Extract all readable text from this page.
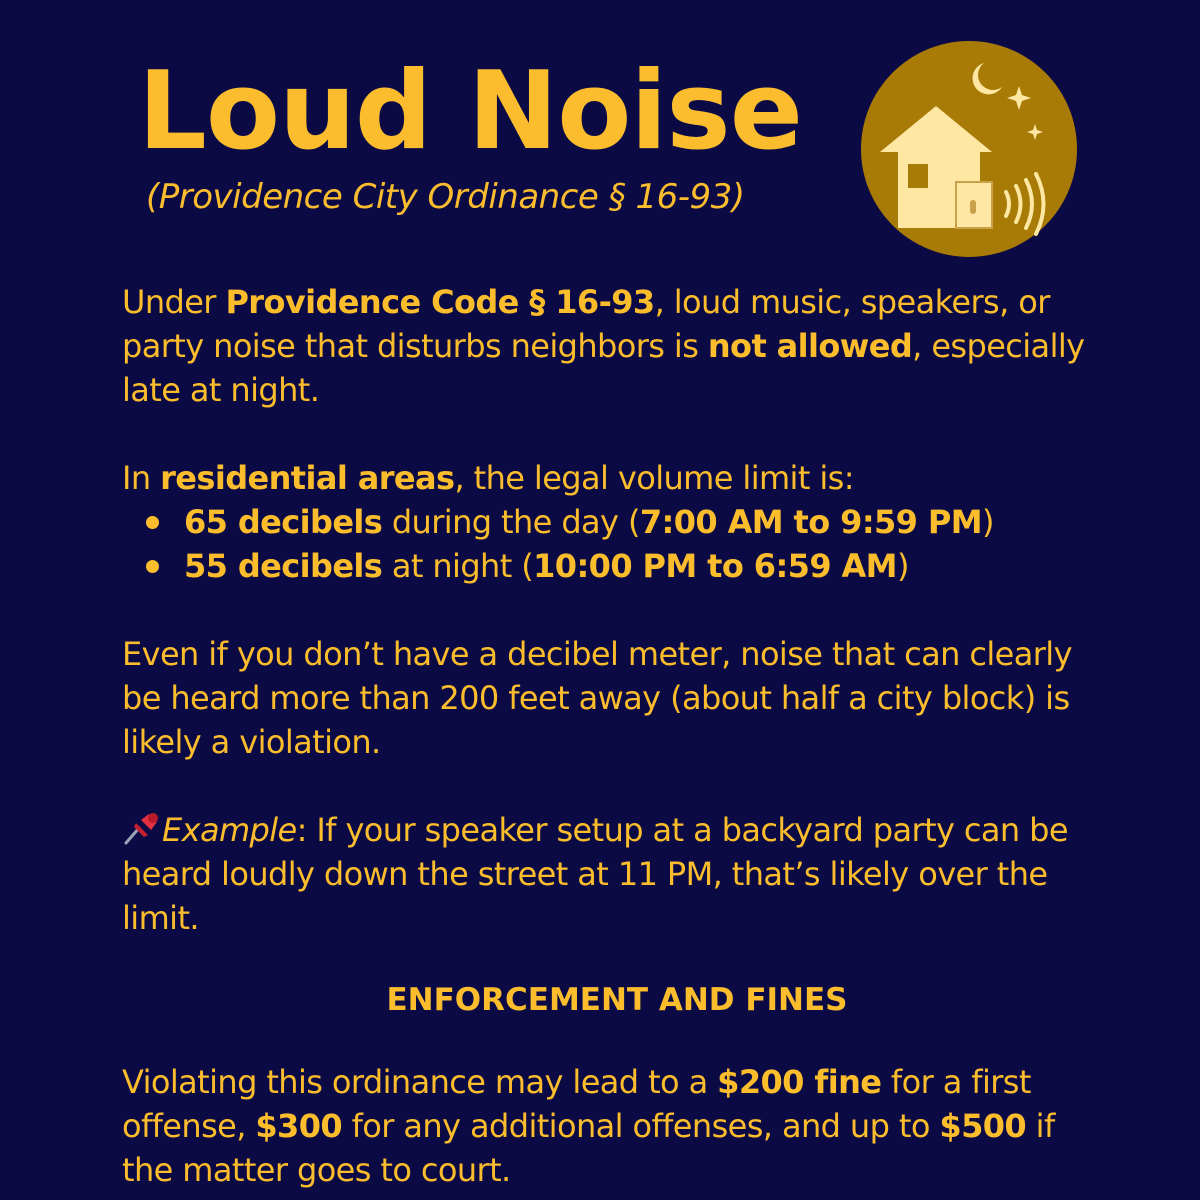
Loud Noise
(Providence City Ordinance § 16-93)

Under Providence Code § 16-93, loud music, speakers, or party noise that disturbs neighbors is not allowed, especially late at night.

In residential areas, the legal volume limit is:

65 decibels during the day (7:00 AM to 9:59 PM)
55 decibels at night (10:00 PM to 6:59 AM)

Even if you don’t have a decibel meter, noise that can clearly be heard more than 200 feet away (about half a city block) is likely a violation.

Example: If your speaker setup at a backyard party can be heard loudly down the street at 11 PM, that’s likely over the limit.

ENFORCEMENT AND FINES

Violating this ordinance may lead to a $200 fine for a first offense, $300 for any additional offenses, and up to $500 if the matter goes to court.
